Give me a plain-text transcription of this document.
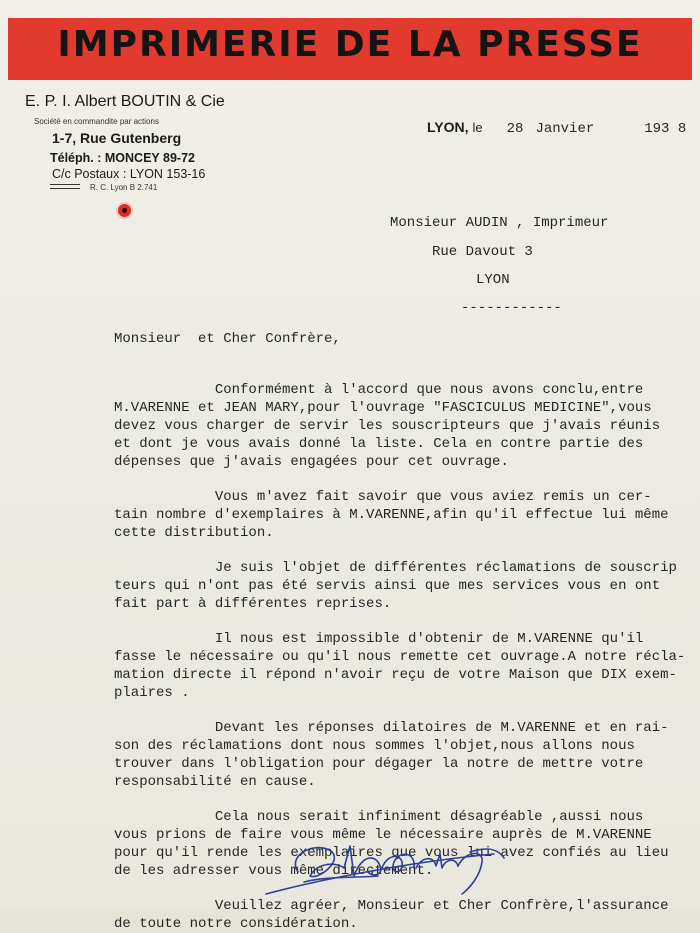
IMPRIMERIE DE LA PRESSE
E. P. I. Albert BOUTIN & Cie
Société en commandite par actions
1-7, Rue Gutenberg
Téléph. : MONCEY 89-72
C/c Postaux : LYON 153-16
R. C. Lyon B 2.741
LYON, le 28 Janvier	193 8
Monsieur AUDIN , Imprimeur
Rue Davout 3
LYON
------------

Monsieur  et Cher Confrère,

Conformément à l'accord que nous avons conclu,entre
M.VARENNE et JEAN MARY,pour l'ouvrage "FASCICULUS MEDICINE",vous
devez vous charger de servir les souscripteurs que j'avais réunis
et dont je vous avais donné la liste. Cela en contre partie des
dépenses que j'avais engagées pour cet ouvrage.

Vous m'avez fait savoir que vous aviez remis un cer-
tain nombre d'exemplaires à M.VARENNE,afin qu'il effectue lui même
cette distribution.

Je suis l'objet de différentes réclamations de souscrip
teurs qui n'ont pas été servis ainsi que mes services vous en ont
fait part à différentes reprises.

Il nous est impossible d'obtenir de M.VARENNE qu'il
fasse le nécessaire ou qu'il nous remette cet ouvrage.A notre récla-
mation directe il répond n'avoir reçu de votre Maison que DIX exem-
plaires .

Devant les réponses dilatoires de M.VARENNE et en rai-
son des réclamations dont nous sommes l'objet,nous allons nous
trouver dans l'obligation pour dégager la notre de mettre votre
responsabilité en cause.

Cela nous serait infiniment désagréable ,aussi nous
vous prions de faire vous même le nécessaire auprès de M.VARENNE
pour qu'il rende les exemplaires que vous lui avez confiés au lieu
de les adresser vous même directement.

Veuillez agréer, Monsieur et Cher Confrère,l'assurance
de toute notre considération.
